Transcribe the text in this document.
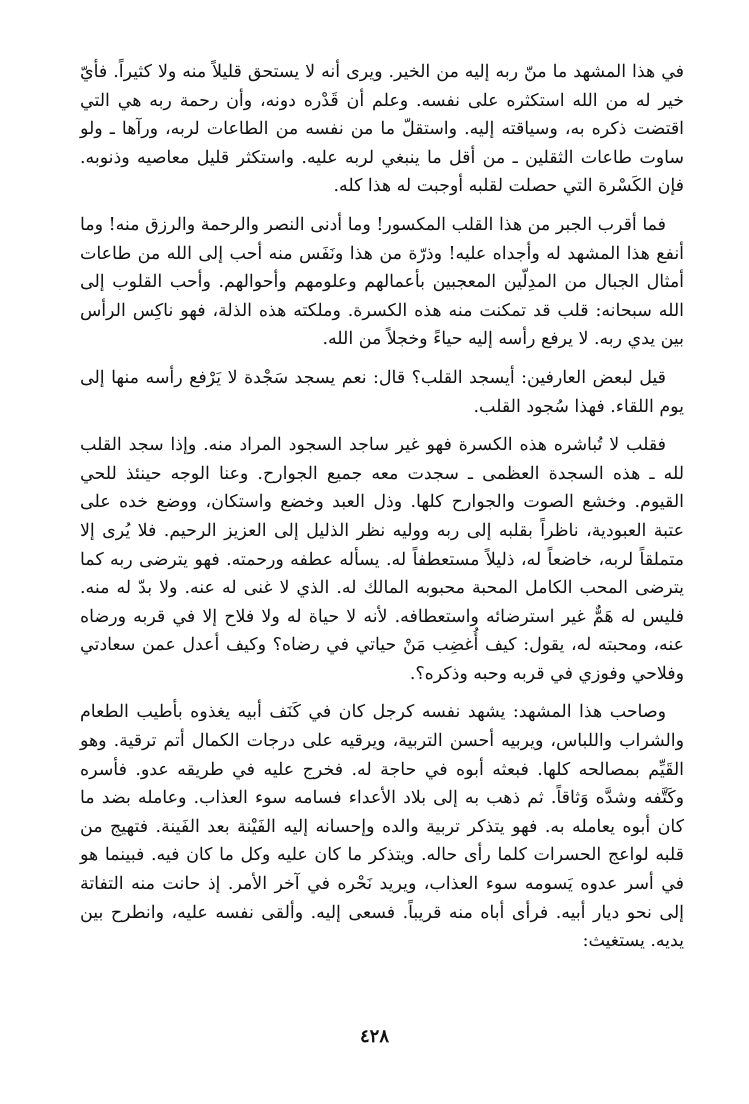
في هذا المشهد ما منّ ربه إليه من الخير. ويرى أنه لا يستحق قليلاً منه ولا كثيراً. فأيّ خير له من الله استكثره على نفسه. وعلم أن قَدْره دونه، وأن رحمة ربه هي التي اقتضت ذكره به، وسياقته إليه. واستقلّ ما من نفسه من الطاعات لربه، ورآها ـ ولو ساوت طاعات الثقلين ـ من أقل ما ينبغي لربه عليه. واستكثر قليل معاصيه وذنوبه. فإن الكَسْرة التي حصلت لقلبه أوجبت له هذا كله.

فما أقرب الجبر من هذا القلب المكسور! وما أدنى النصر والرحمة والرزق منه! وما أنفع هذا المشهد له وأجداه عليه! وذرّة من هذا ونَفَس منه أحب إلى الله من طاعات أمثال الجبال من المدِلّين المعجبين بأعمالهم وعلومهم وأحوالهم. وأحب القلوب إلى الله سبحانه: قلب قد تمكنت منه هذه الكسرة. وملكته هذه الذلة، فهو ناكِس الرأس بين يدي ربه. لا يرفع رأسه إليه حياءً وخجلاً من الله.

قيل لبعض العارفين: أيسجد القلب؟ قال: نعم يسجد سَجْدة لا يَرْفع رأسه منها إلى يوم اللقاء. فهذا سُجود القلب.

فقلب لا تُباشره هذه الكسرة فهو غير ساجد السجود المراد منه. وإذا سجد القلب لله ـ هذه السجدة العظمى ـ سجدت معه جميع الجوارح. وعنا الوجه حينئذ للحي القيوم. وخشع الصوت والجوارح كلها. وذل العبد وخضع واستكان، ووضع خده على عتبة العبودية، ناظراً بقلبه إلى ربه ووليه نظر الذليل إلى العزيز الرحيم. فلا يُرى إلا متملقاً لربه، خاضعاً له، ذليلاً مستعطفاً له. يسأله عطفه ورحمته. فهو يترضى ربه كما يترضى المحب الكامل المحبة محبوبه المالك له. الذي لا غنى له عنه. ولا بدّ له منه. فليس له هَمٌّ غير استرضائه واستعطافه. لأنه لا حياة له ولا فلاح إلا في قربه ورضاه عنه، ومحبته له، يقول: كيف أُغضِب مَنْ حياتي في رضاه؟ وكيف أعدل عمن سعادتي وفلاحي وفوزي في قربه وحبه وذكره؟.

وصاحب هذا المشهد: يشهد نفسه كرجل كان في كَنَف أبيه يغذوه بأطيب الطعام والشراب واللباس، ويربيه أحسن التربية، ويرقيه على درجات الكمال أتم ترقية. وهو القَيِّم بمصالحه كلها. فبعثه أبوه في حاجة له. فخرج عليه في طريقه عدو. فأسره وكَتَّفه وشدَّه وَثاقاً. ثم ذهب به إلى بلاد الأعداء فسامه سوء العذاب. وعامله بضد ما كان أبوه يعامله به. فهو يتذكر تربية والده وإحسانه إليه الفَيْنة بعد الفَينة. فتهيج من قلبه لواعج الحسرات كلما رأى حاله. ويتذكر ما كان عليه وكل ما كان فيه. فبينما هو في أسر عدوه يَسومه سوء العذاب، ويريد نَحْره في آخر الأمر. إذ حانت منه التفاتة إلى نحو ديار أبيه. فرأى أباه منه قريباً. فسعى إليه. وألقى نفسه عليه، وانطرح بين يديه. يستغيث:

٤٢٨
